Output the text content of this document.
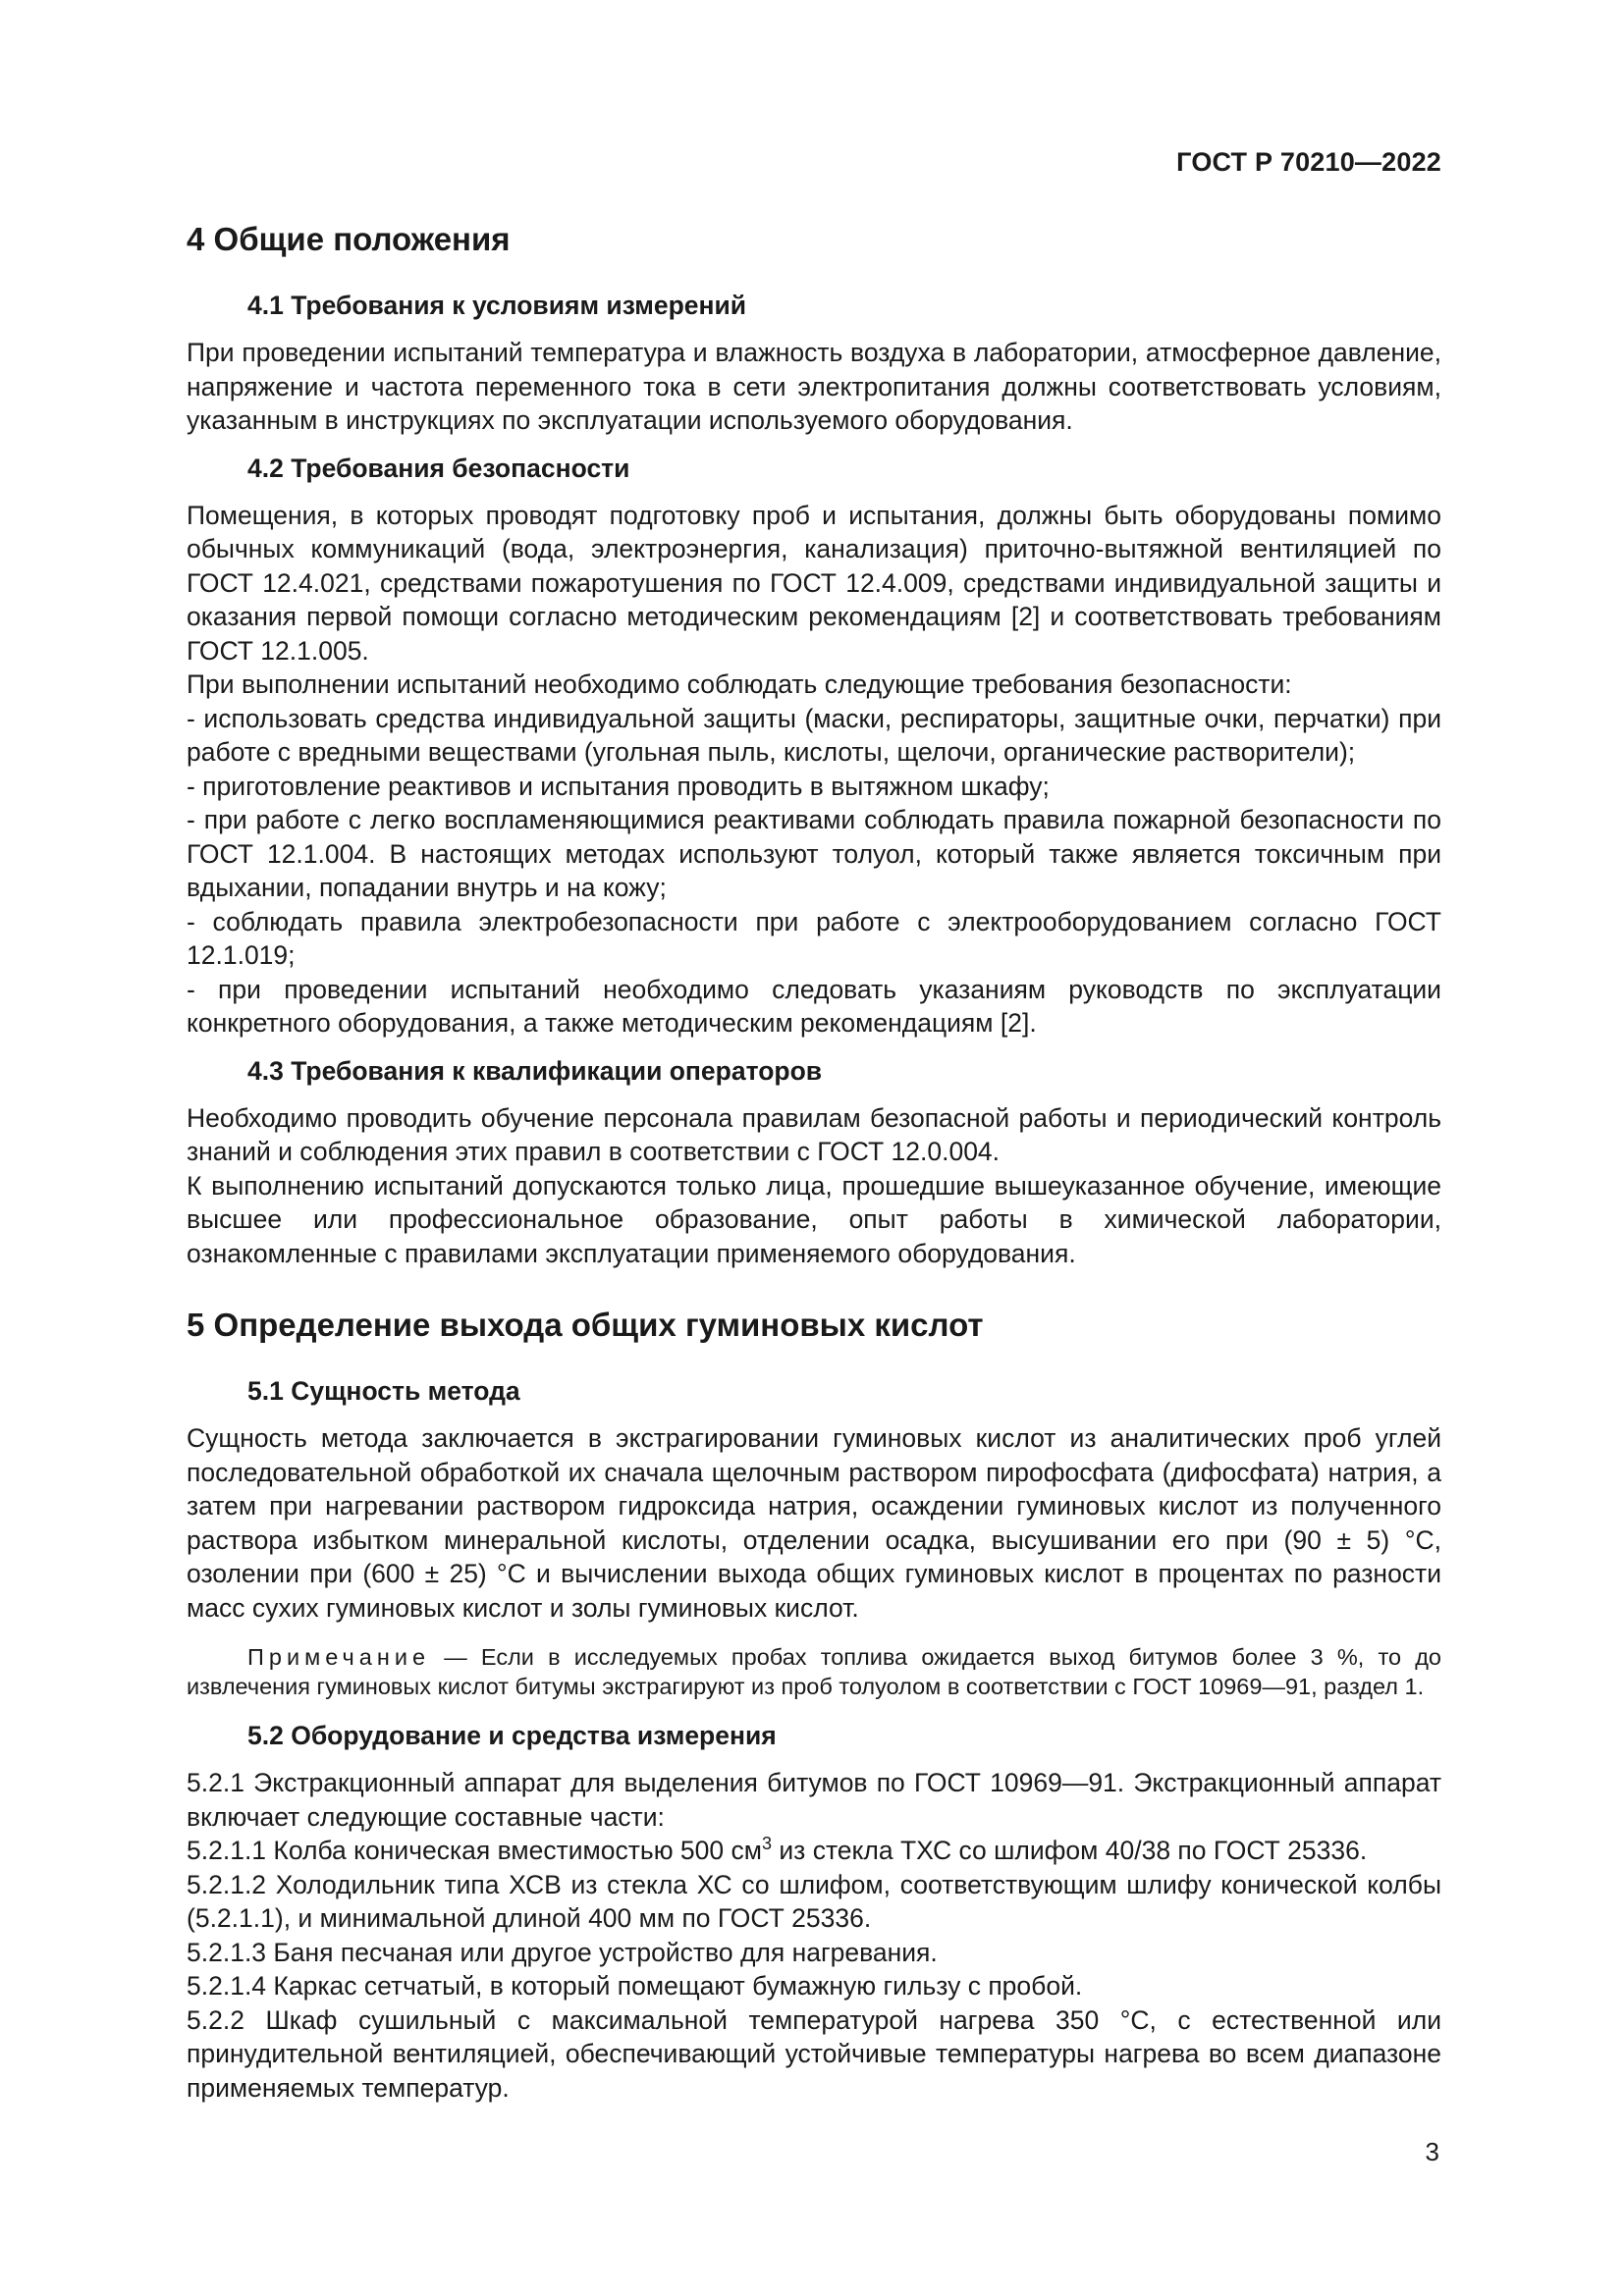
ГОСТ Р 70210—2022
4 Общие положения
4.1 Требования к условиям измерений

При проведении испытаний температура и влажность воздуха в лаборатории, атмосферное давление, напряжение и частота переменного тока в сети электропитания должны соответствовать условиям, указанным в инструкциях по эксплуатации используемого оборудования.

4.2 Требования безопасности

Помещения, в которых проводят подготовку проб и испытания, должны быть оборудованы помимо обычных коммуникаций (вода, электроэнергия, канализация) приточно-вытяжной вентиляцией по ГОСТ 12.4.021, средствами пожаротушения по ГОСТ 12.4.009, средствами индивидуальной защиты и оказания первой помощи согласно методическим рекомендациям [2] и соответствовать требованиям ГОСТ 12.1.005.

При выполнении испытаний необходимо соблюдать следующие требования безопасности:

- использовать средства индивидуальной защиты (маски, респираторы, защитные очки, перчатки) при работе с вредными веществами (угольная пыль, кислоты, щелочи, органические растворители);

- приготовление реактивов и испытания проводить в вытяжном шкафу;

- при работе с легко воспламеняющимися реактивами соблюдать правила пожарной безопасности по ГОСТ 12.1.004. В настоящих методах используют толуол, который также является токсичным при вдыхании, попадании внутрь и на кожу;

- соблюдать правила электробезопасности при работе с электрооборудованием согласно ГОСТ 12.1.019;

- при проведении испытаний необходимо следовать указаниям руководств по эксплуатации конкретного оборудования, а также методическим рекомендациям [2].

4.3 Требования к квалификации операторов

Необходимо проводить обучение персонала правилам безопасной работы и периодический контроль знаний и соблюдения этих правил в соответствии с ГОСТ 12.0.004.

К выполнению испытаний допускаются только лица, прошедшие вышеуказанное обучение, имеющие высшее или профессиональное образование, опыт работы в химической лаборатории, ознакомленные с правилами эксплуатации применяемого оборудования.

5 Определение выхода общих гуминовых кислот
5.1 Сущность метода

Сущность метода заключается в экстрагировании гуминовых кислот из аналитических проб углей последовательной обработкой их сначала щелочным раствором пирофосфата (дифосфата) натрия, а затем при нагревании раствором гидроксида натрия, осаждении гуминовых кислот из полученного раствора избытком минеральной кислоты, отделении осадка, высушивании его при (90 ± 5) °С, озолении при (600 ± 25) °С и вычислении выхода общих гуминовых кислот в процентах по разности масс сухих гуминовых кислот и золы гуминовых кислот.

Примечание — Если в исследуемых пробах топлива ожидается выход битумов более 3 %, то до извлечения гуминовых кислот битумы экстрагируют из проб толуолом в соответствии с ГОСТ 10969—91, раздел 1.

5.2 Оборудование и средства измерения

5.2.1 Экстракционный аппарат для выделения битумов по ГОСТ 10969—91. Экстракционный аппарат включает следующие составные части:

5.2.1.1 Колба коническая вместимостью 500 $см^3$ из стекла ТХС со шлифом 40/38 по ГОСТ 25336.

5.2.1.2 Холодильник типа ХСВ из стекла ХС со шлифом, соответствующим шлифу конической колбы (5.2.1.1), и минимальной длиной 400 мм по ГОСТ 25336.

5.2.1.3 Баня песчаная или другое устройство для нагревания.

5.2.1.4 Каркас сетчатый, в который помещают бумажную гильзу с пробой.

5.2.2 Шкаф сушильный с максимальной температурой нагрева 350 °С, с естественной или принудительной вентиляцией, обеспечивающий устойчивые температуры нагрева во всем диапазоне применяемых температур.

3
